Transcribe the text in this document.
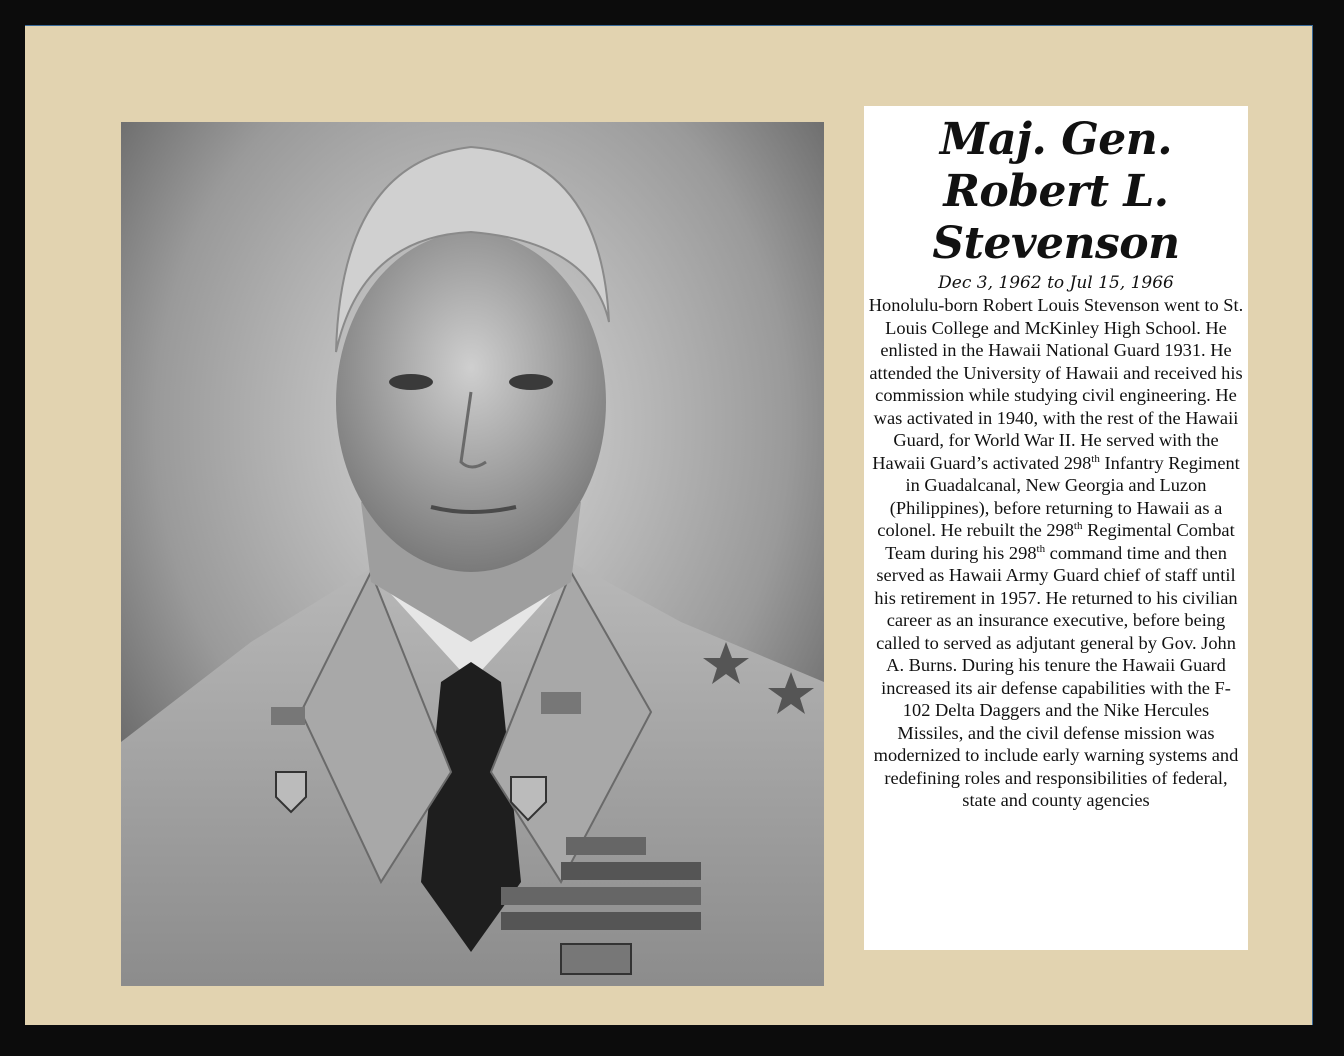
Maj. Gen.
Robert L.
Stevenson

Dec 3, 1962 to Jul 15, 1966

Honolulu-born Robert Louis Stevenson went to St. Louis College and McKinley High School. He enlisted in the Hawaii National Guard 1931. He attended the University of Hawaii and received his commission while studying civil engineering. He was activated in 1940, with the rest of the Hawaii Guard, for World War II. He served with the Hawaii Guard’s activated 298th Infantry Regiment in Guadalcanal, New Georgia and Luzon (Philippines), before returning to Hawaii as a colonel. He rebuilt the 298th Regimental Combat Team during his 298th command time and then served as Hawaii Army Guard chief of staff until his retirement in 1957. He returned to his civilian career as an insurance executive, before being called to served as adjutant general by Gov. John A. Burns. During his tenure the Hawaii Guard increased its air defense capabilities with the F-102 Delta Daggers and the Nike Hercules Missiles, and the civil defense mission was modernized to include early warning systems and redefining roles and responsibilities of federal, state and county agencies
